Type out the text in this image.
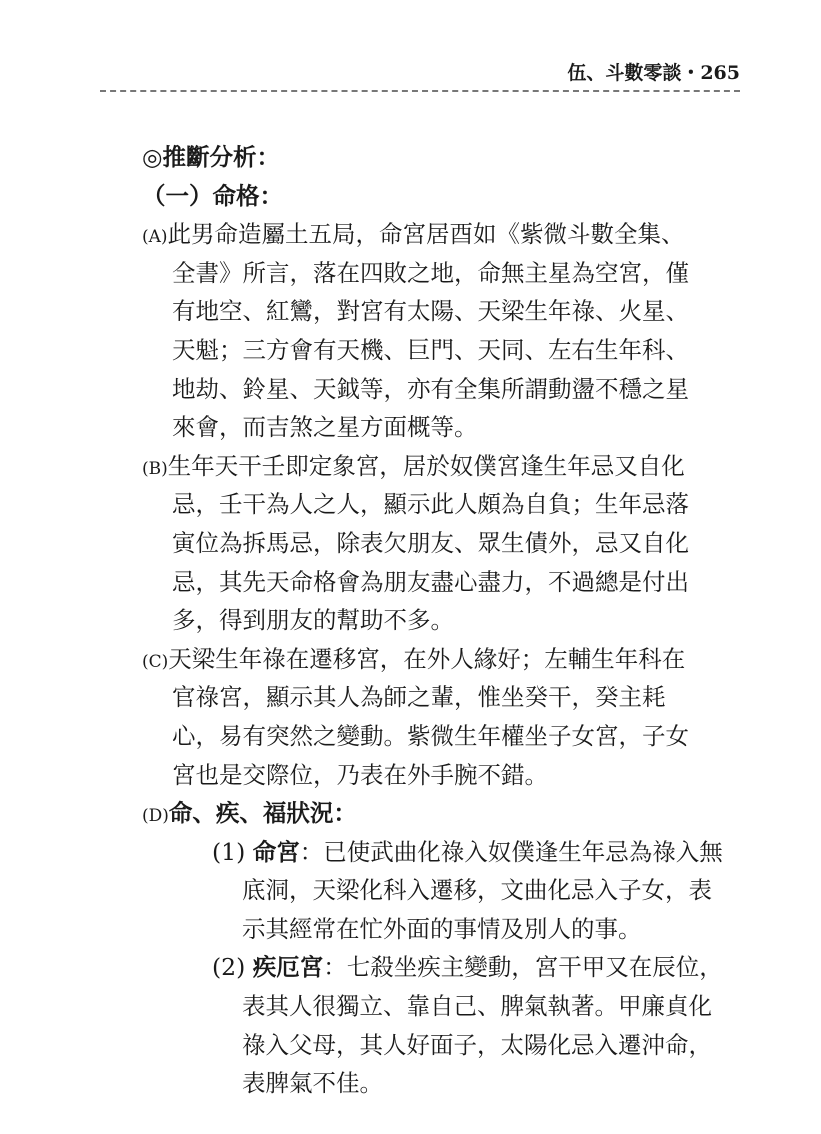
伍、斗數零談・265
◎推斷分析：
（一）命格：
(A)此男命造屬土五局，命宮居酉如《紫微斗數全集、
全書》所言，落在四敗之地，命無主星為空宮，僅
有地空、紅鸞，對宮有太陽、天梁生年祿、火星、
天魁；三方會有天機、巨門、天同、左右生年科、
地劫、鈴星、天鉞等，亦有全集所謂動盪不穩之星
來會，而吉煞之星方面概等。
(B)生年天干壬即定象宮，居於奴僕宮逢生年忌又自化
忌，壬干為人之人，顯示此人頗為自負；生年忌落
寅位為拆馬忌，除表欠朋友、眾生債外，忌又自化
忌，其先天命格會為朋友盡心盡力，不過總是付出
多，得到朋友的幫助不多。
(C)天梁生年祿在遷移宮，在外人緣好；左輔生年科在
官祿宮，顯示其人為師之輩，惟坐癸干，癸主耗
心，易有突然之變動。紫微生年權坐子女宮，子女
宮也是交際位，乃表在外手腕不錯。
(D)命、疾、福狀況：
(1) 命宮：已使武曲化祿入奴僕逢生年忌為祿入無
底洞，天梁化科入遷移，文曲化忌入子女，表
示其經常在忙外面的事情及別人的事。
(2) 疾厄宮：七殺坐疾主變動，宮干甲又在辰位，
表其人很獨立、靠自己、脾氣執著。甲廉貞化
祿入父母，其人好面子，太陽化忌入遷沖命，
表脾氣不佳。
